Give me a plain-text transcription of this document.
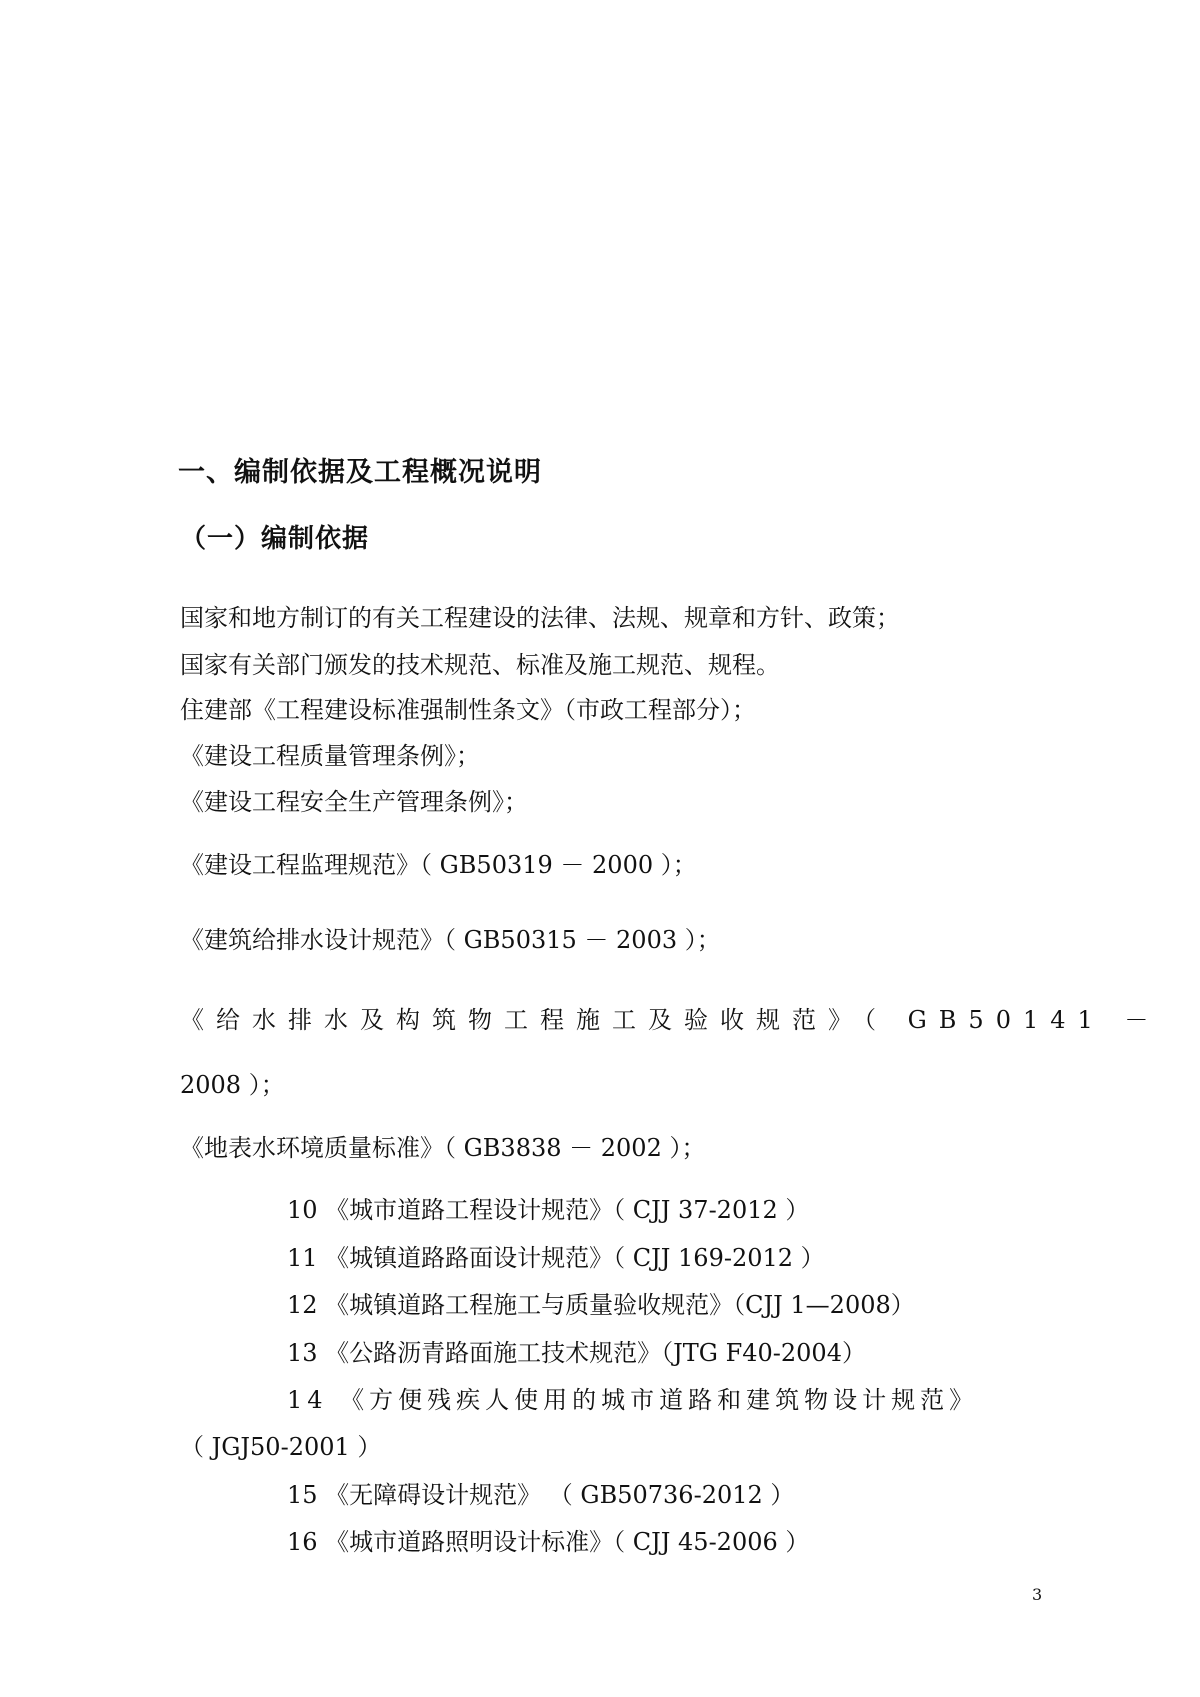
一、编制依据及工程概况说明
（一）编制依据

国家和地方制订的有关工程建设的法律、法规、规章和方针、政策；

国家有关部门颁发的技术规范、标准及施工规范、规程。

住建部《工程建设标准强制性条文》（市政工程部分）；

《建设工程质量管理条例》；

《建设工程安全生产管理条例》；

《建设工程监理规范》（ GB50319 － 2000 ）；

《建筑给排水设计规范》（ GB50315 － 2003 ）；

《给水排水及构筑物工程施工及验收规范》（ GB50141 －

2008 ）；

《地表水环境质量标准》（ GB3838 － 2002 ）；

10 《城市道路工程设计规范》（ CJJ 37-2012 ）

11 《城镇道路路面设计规范》（ CJJ 169-2012 ）

12 《城镇道路工程施工与质量验收规范》（CJJ 1—2008）

13 《公路沥青路面施工技术规范》（JTG F40-2004）

14 《方便残疾人使用的城市道路和建筑物设计规范》

（ JGJ50-2001 ）

15 《无障碍设计规范》 （ GB50736-2012 ）

16 《城市道路照明设计标准》（ CJJ 45-2006 ）

3
